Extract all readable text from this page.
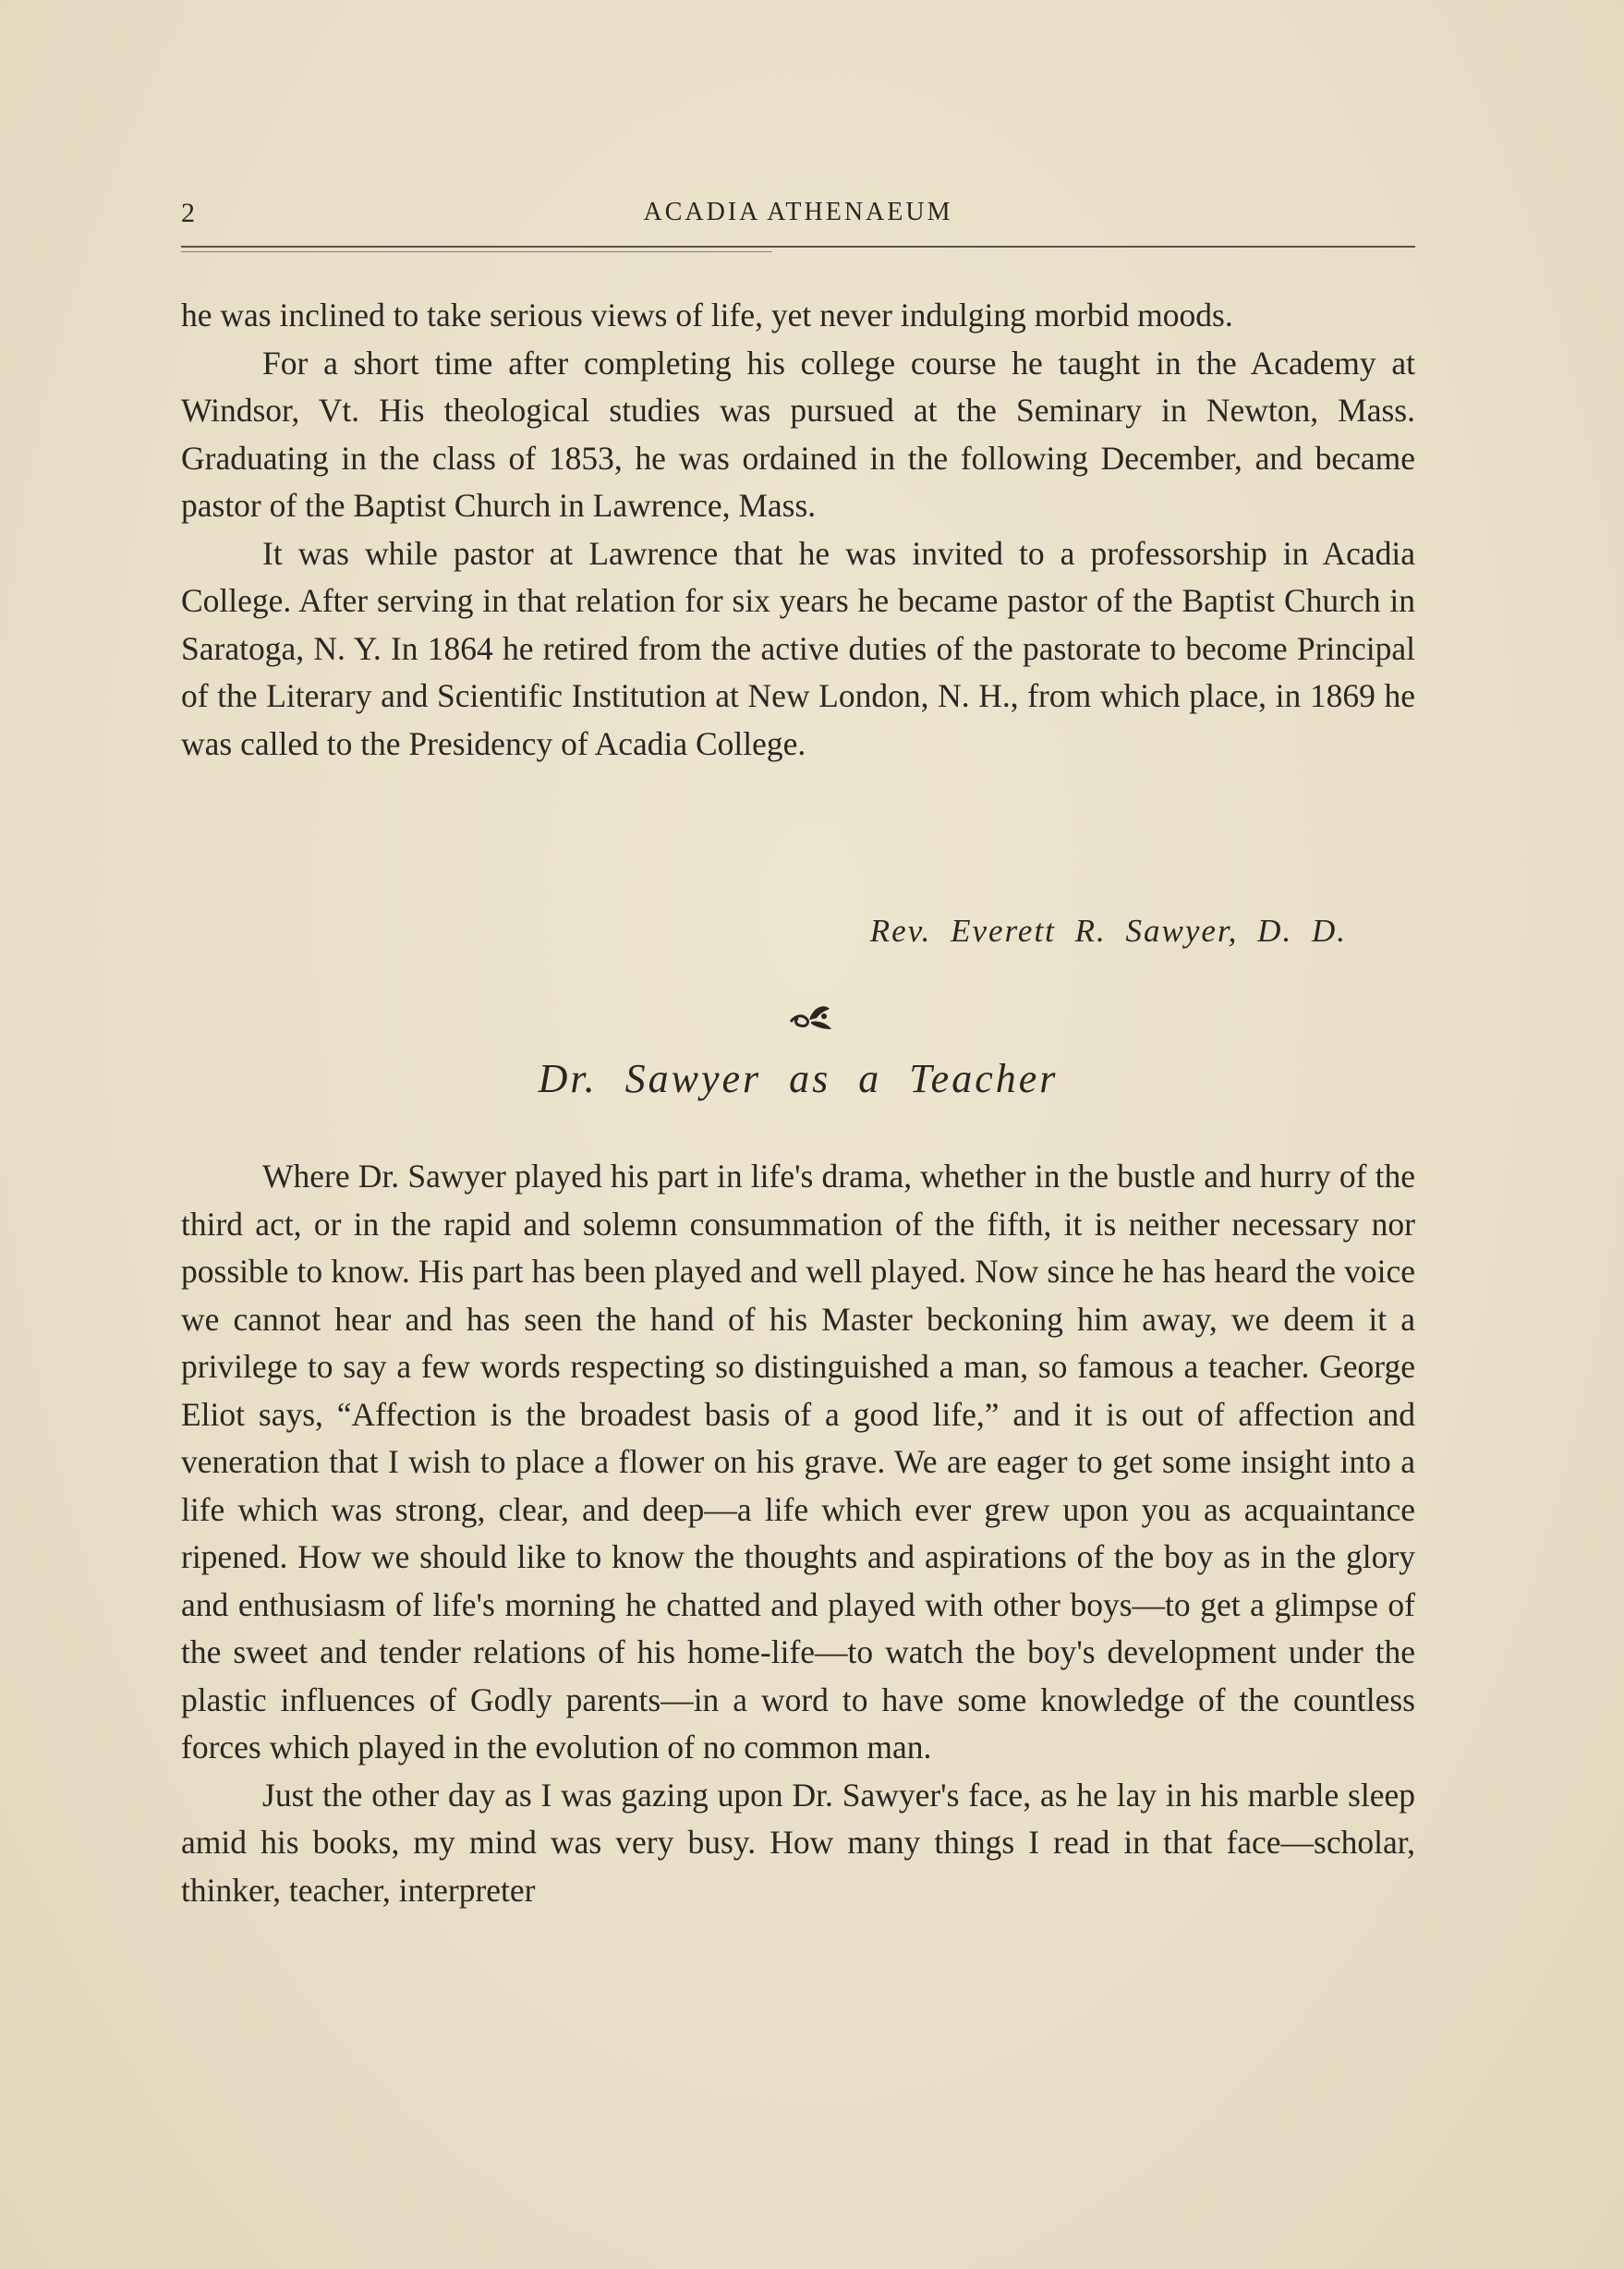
2	ACADIA ATHENAEUM

he was inclined to take serious views of life, yet never indulging morbid moods.

For a short time after completing his college course he taught in the Academy at Windsor, Vt. His theological studies was pursued at the Seminary in Newton, Mass. Graduating in the class of 1853, he was ordained in the following December, and became pastor of the Baptist Church in Lawrence, Mass.

It was while pastor at Lawrence that he was invited to a professorship in Acadia College. After serving in that relation for six years he became pastor of the Baptist Church in Saratoga, N. Y. In 1864 he retired from the active duties of the pastorate to become Principal of the Literary and Scientific Institution at New London, N. H., from which place, in 1869 he was called to the Presidency of Acadia College.

Rev. Everett R. Sawyer, D. D.
Dr. Sawyer as a Teacher

Where Dr. Sawyer played his part in life's drama, whether in the bustle and hurry of the third act, or in the rapid and solemn consummation of the fifth, it is neither necessary nor possible to know. His part has been played and well played. Now since he has heard the voice we cannot hear and has seen the hand of his Master beckoning him away, we deem it a privilege to say a few words respecting so distinguished a man, so famous a teacher. George Eliot says, “Affection is the broadest basis of a good life,” and it is out of affection and veneration that I wish to place a flower on his grave. We are eager to get some insight into a life which was strong, clear, and deep—a life which ever grew upon you as acquaintance ripened. How we should like to know the thoughts and aspirations of the boy as in the glory and enthusiasm of life's morning he chatted and played with other boys—to get a glimpse of the sweet and tender relations of his home-life—to watch the boy's development under the plastic influences of Godly parents—in a word to have some knowledge of the countless forces which played in the evolution of no common man.

Just the other day as I was gazing upon Dr. Sawyer's face, as he lay in his marble sleep amid his books, my mind was very busy. How many things I read in that face—scholar, thinker, teacher, interpreter
